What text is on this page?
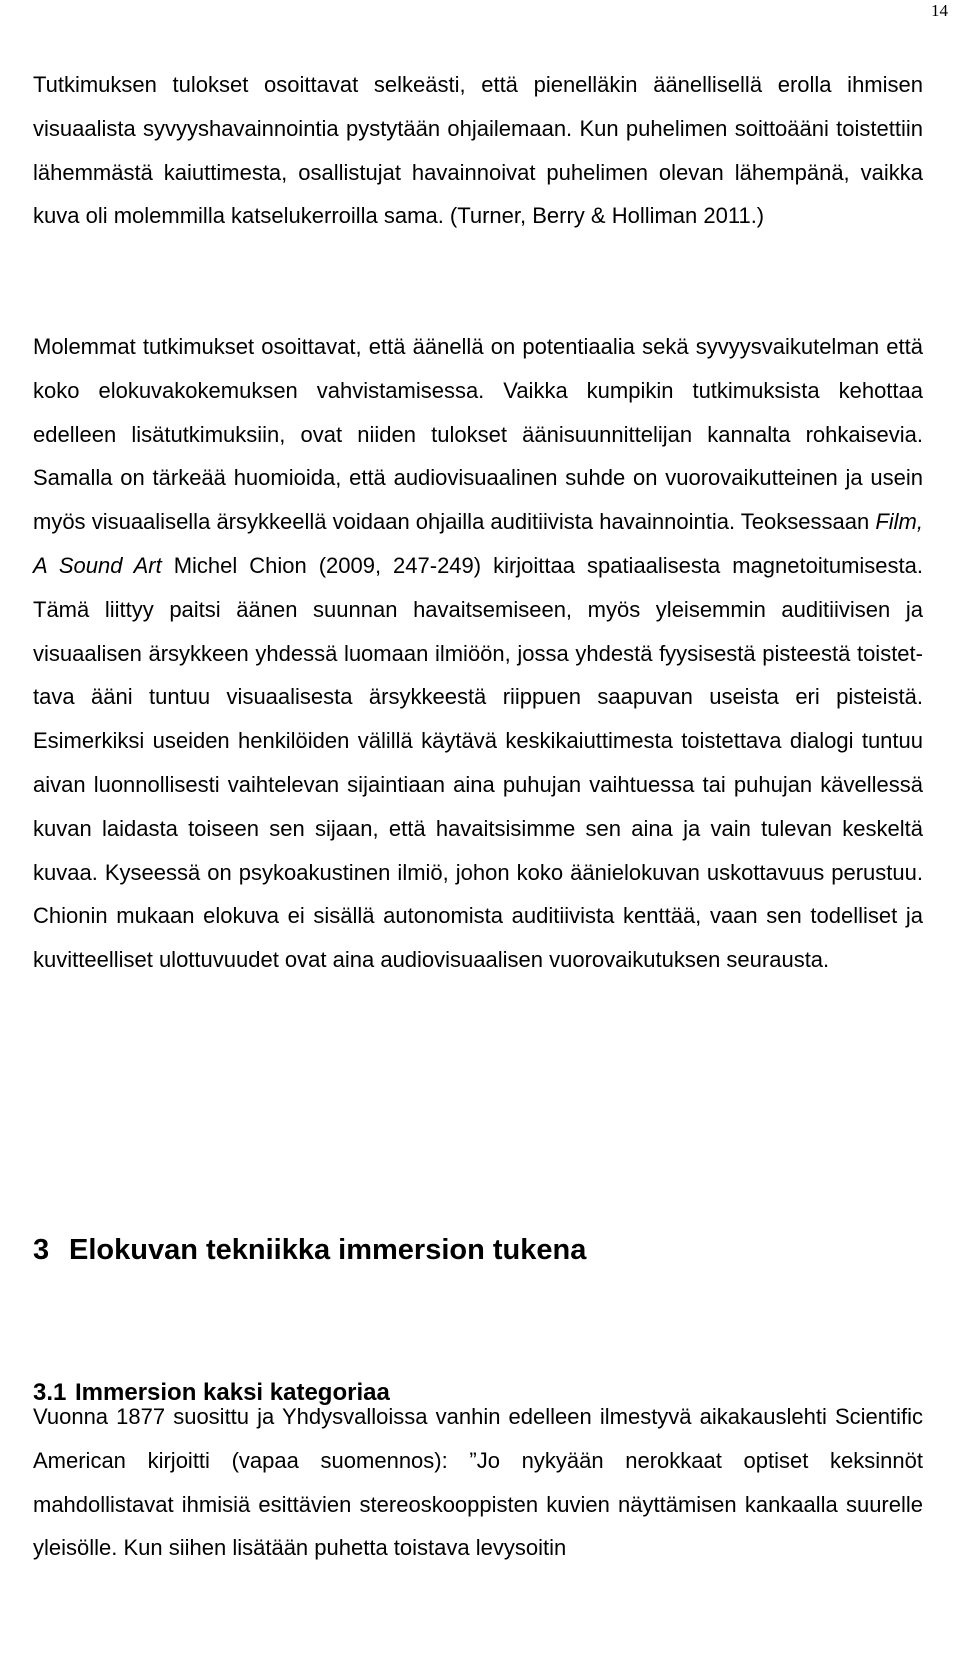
14

Tutkimuksen tulokset osoittavat selkeästi, että pienelläkin äänellisellä erolla ihmisen visuaalista syvyyshavainnointia pystytään ohjailemaan. Kun puhelimen soittoääni toistettiin lähemmästä kaiuttimesta, osallistujat havainnoivat puhelimen olevan lähempänä, vaikka kuva oli molemmilla katselukerroilla sama. (Turner, Berry & Holliman 2011.)

Molemmat tutkimukset osoittavat, että äänellä on potentiaalia sekä syvyysvaikutelman että koko elokuvakokemuksen vahvistamisessa. Vaikka kumpikin tutkimuksista kehottaa edelleen lisätutkimuksiin, ovat niiden tulokset äänisuunnittelijan kannalta rohkaisevia. Samalla on tärkeää huomioida, että audiovisuaalinen suhde on vuorovaikutteinen ja usein myös visuaalisella ärsykkeellä voidaan ohjailla auditiivista havainnointia. Teoksessaan Film, A Sound Art Michel Chion (2009, 247-249) kirjoittaa spatiaalisesta magnetoitumisesta. Tämä liittyy paitsi äänen suunnan havaitsemiseen, myös yleisemmin auditiivisen ja visuaalisen ärsykkeen yhdessä luomaan ilmiöön, jossa yhdestä fyysisestä pisteestä toistettava ääni tuntuu visuaalisesta ärsykkeestä riippuen saapuvan useista eri pisteistä. Esimerkiksi useiden henkilöiden välillä käytävä keskikaiuttimesta toistettava dialogi tuntuu aivan luonnollisesti vaihtelevan sijaintiaan aina puhujan vaihtuessa tai puhujan kävellessä kuvan laidasta toiseen sen sijaan, että havaitsisimme sen aina ja vain tulevan keskeltä kuvaa. Kyseessä on psykoakustinen ilmiö, johon koko äänielokuvan uskottavuus perustuu. Chionin mukaan elokuva ei sisällä autonomista auditiivista kenttää, vaan sen todelliset ja kuvitteelliset ulottuvuudet ovat aina audiovisuaalisen vuorovaikutuksen seurausta.

3 Elokuvan tekniikka immersion tukena
3.1 Immersion kaksi kategoriaa

Vuonna 1877 suosittu ja Yhdysvalloissa vanhin edelleen ilmestyvä aikakauslehti Scientific American kirjoitti (vapaa suomennos): ”Jo nykyään nerokkaat optiset keksinnöt mahdollistavat ihmisiä esittävien stereoskooppisten kuvien näyttämisen kankaalla suurelle yleisölle. Kun siihen lisätään puhetta toistava levysoitin
